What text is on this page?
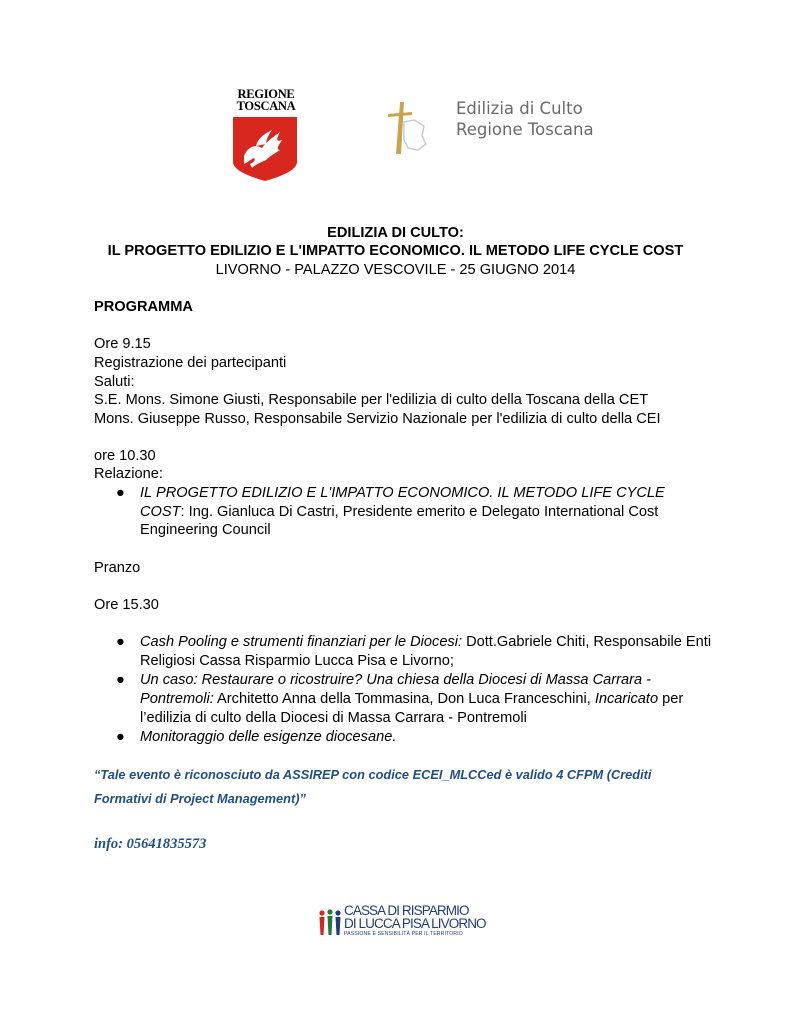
REGIONE
TOSCANA	Edilizia di Culto
Regione Toscana
EDILIZIA DI CULTO:
IL PROGETTO EDILIZIO E L'IMPATTO ECONOMICO. IL METODO LIFE CYCLE COST
LIVORNO - PALAZZO VESCOVILE - 25 GIUGNO 2014
PROGRAMMA
Ore 9.15
Registrazione dei partecipanti
Saluti:
S.E. Mons. Simone Giusti, Responsabile per l'edilizia di culto della Toscana della CET
Mons. Giuseppe Russo, Responsabile Servizio Nazionale per l'edilizia di culto della CEI
ore 10.30
Relazione:
● IL PROGETTO EDILIZIO E L'IMPATTO ECONOMICO. IL METODO LIFE CYCLE
COST: Ing. Gianluca Di Castri, Presidente emerito e Delegato International Cost
Engineering Council
Pranzo
Ore 15.30
● Cash Pooling e strumenti finanziari per le Diocesi: Dott.Gabriele Chiti, Responsabile Enti
Religiosi Cassa Risparmio Lucca Pisa e Livorno;
● Un caso: Restaurare o ricostruire? Una chiesa della Diocesi di Massa Carrara -
Pontremoli: Architetto Anna della Tommasina, Don Luca Franceschini, Incaricato per
l’edilizia di culto della Diocesi di Massa Carrara - Pontremoli
● Monitoraggio delle esigenze diocesane.
“Tale evento è riconosciuto da ASSIREP con codice ECEI_MLCCed è valido 4 CFPM (Crediti
Formativi di Project Management)”
info: 05641835573
CASSA DI RISPARMIO
DI LUCCA PISA LIVORNO
PASSIONE E SENSIBILITÀ PER IL TERRITORIO
